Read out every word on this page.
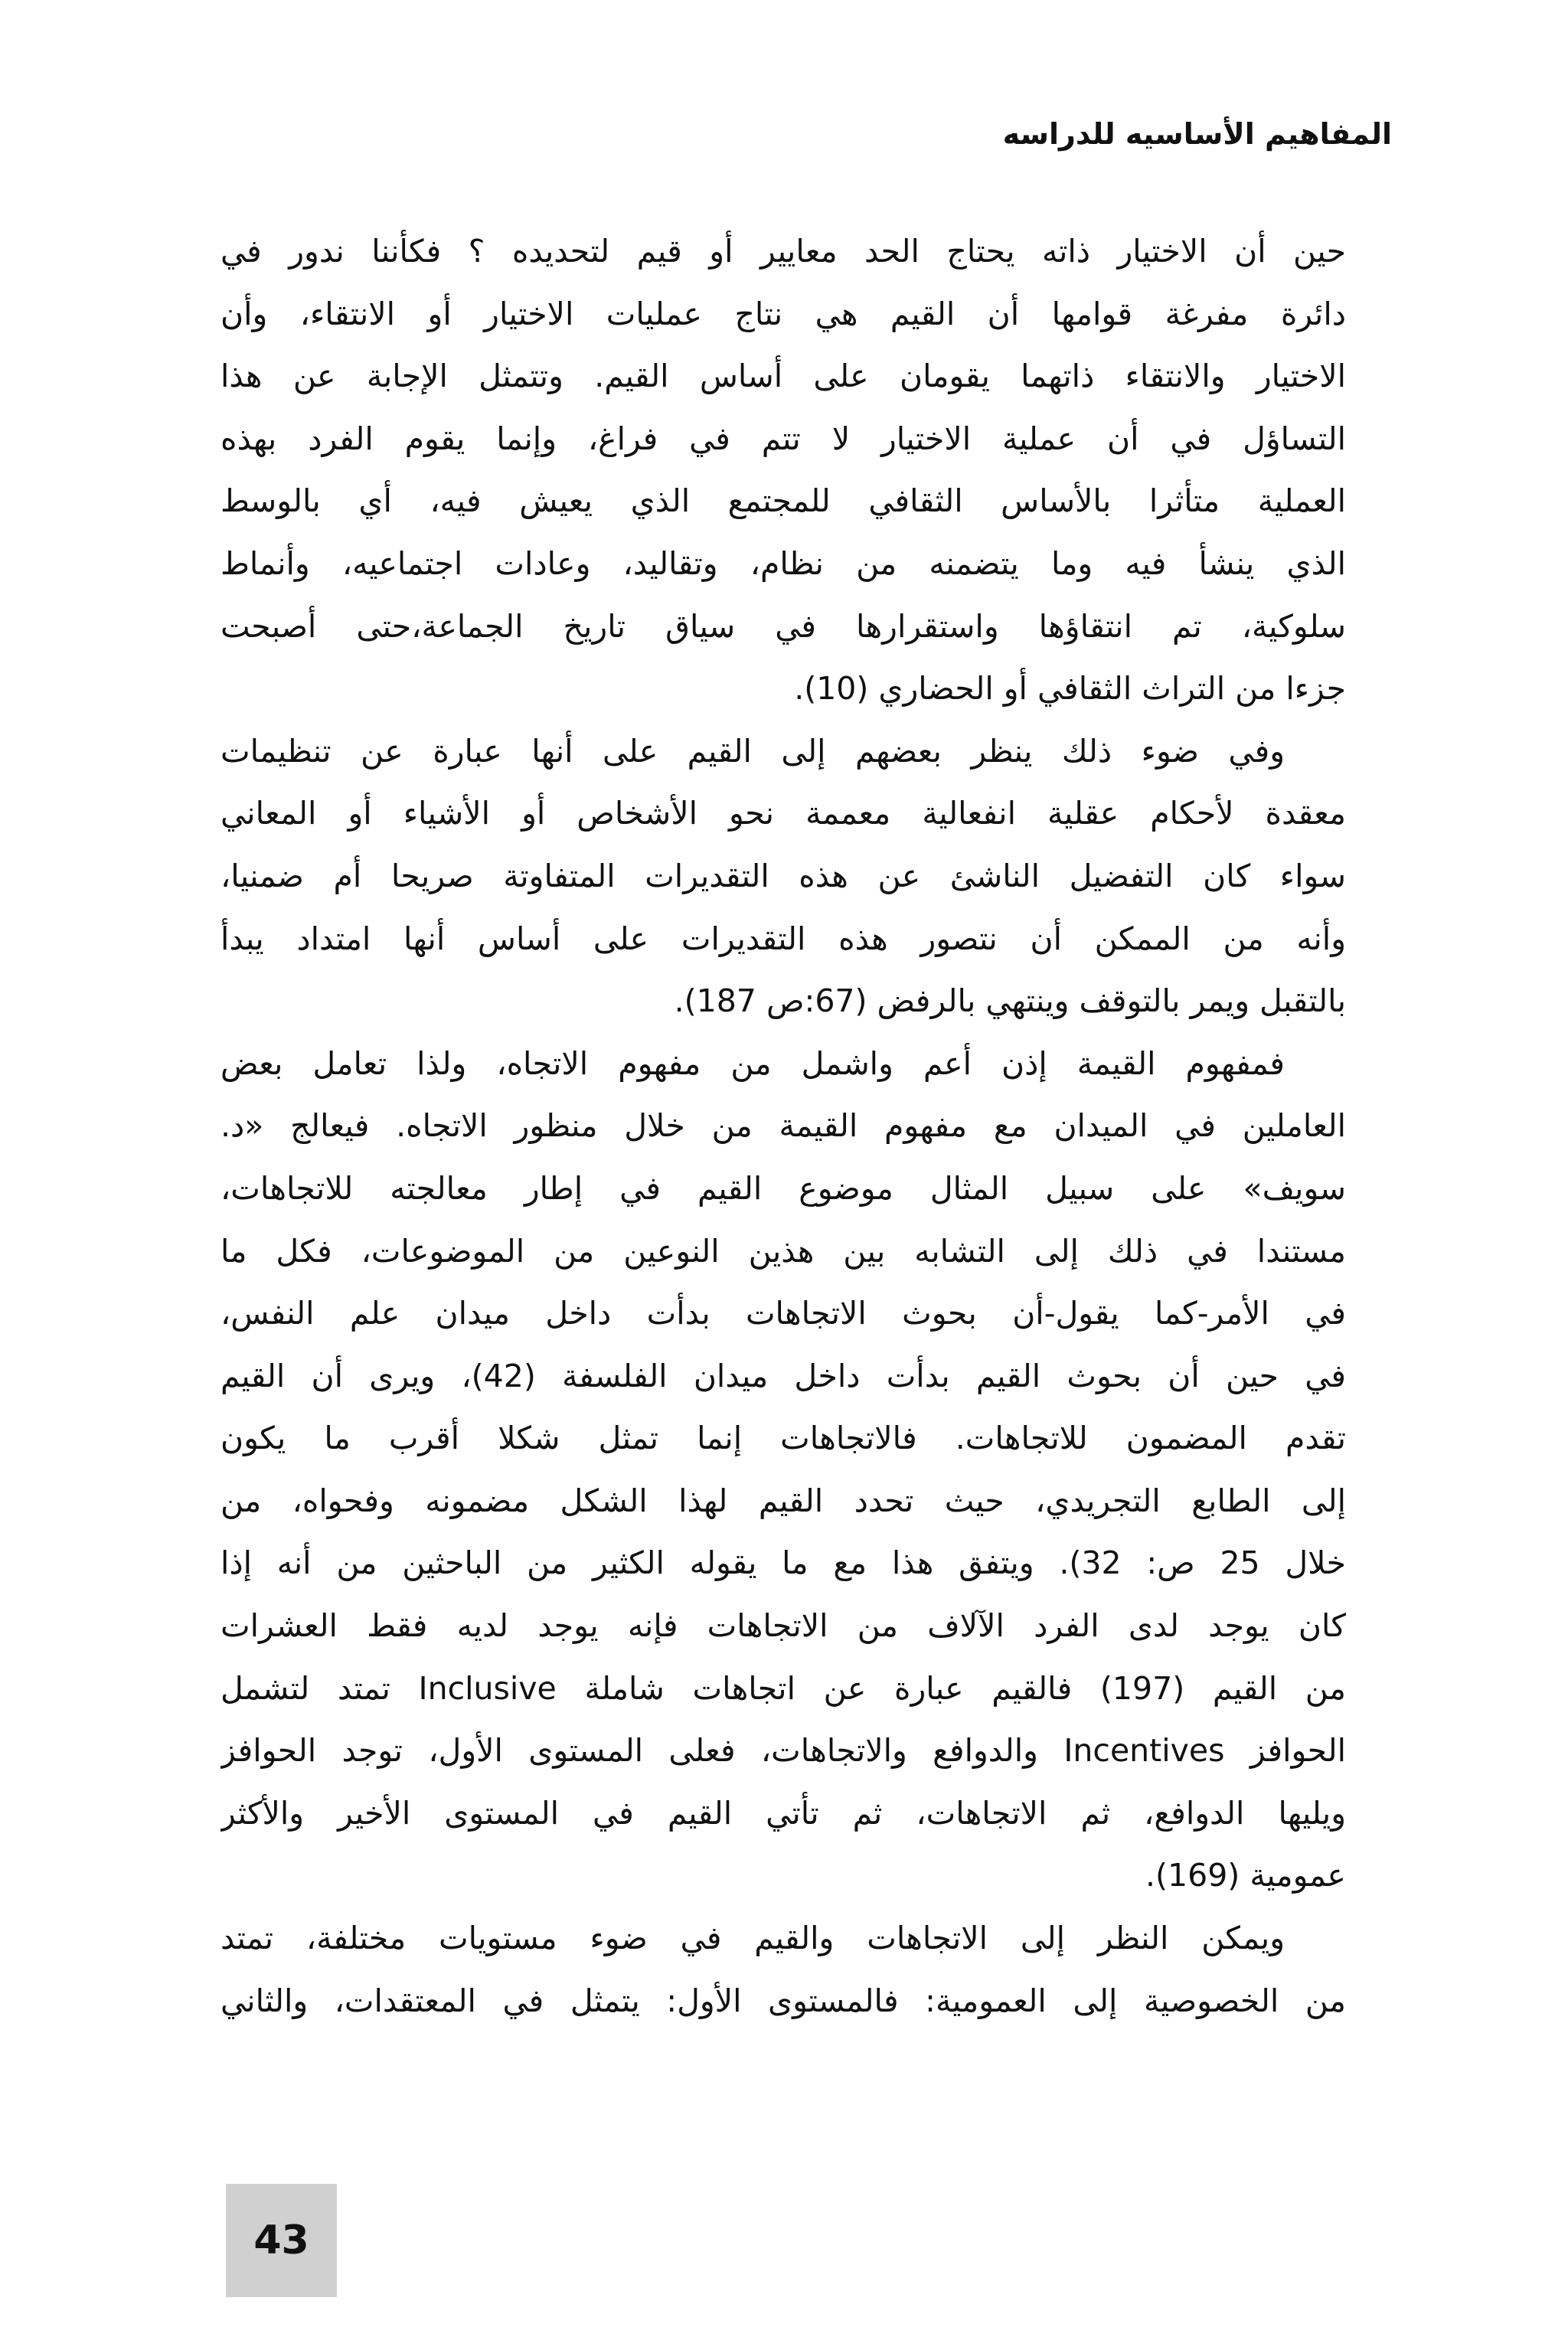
المفاهيم الأساسيه للدراسه
حين أن الاختيار ذاته يحتاج الحد معايير أو قيم لتحديده ؟ فكأننا ندور في
دائرة مفرغة قوامها أن القيم هي نتاج عمليات الاختيار أو الانتقاء، وأن
الاختيار والانتقاء ذاتهما يقومان على أساس القيم. وتتمثل الإجابة عن هذا
التساؤل في أن عملية الاختيار لا تتم في فراغ، وإنما يقوم الفرد بهذه
العملية متأثرا بالأساس الثقافي للمجتمع الذي يعيش فيه، أي بالوسط
الذي ينشأ فيه وما يتضمنه من نظام، وتقاليد، وعادات اجتماعيه، وأنماط
سلوكية، تم انتقاؤها واستقرارها في سياق تاريخ الجماعة،حتى أصبحت
جزءا من التراث الثقافي أو الحضاري (10).
وفي ضوء ذلك ينظر بعضهم إلى القيم على أنها عبارة عن تنظيمات
معقدة لأحكام عقلية انفعالية معممة نحو الأشخاص أو الأشياء أو المعاني
سواء كان التفضيل الناشئ عن هذه التقديرات المتفاوتة صريحا أم ضمنيا،
وأنه من الممكن أن نتصور هذه التقديرات على أساس أنها امتداد يبدأ
بالتقبل ويمر بالتوقف وينتهي بالرفض (67:ص 187).
فمفهوم القيمة إذن أعم واشمل من مفهوم الاتجاه، ولذا تعامل بعض
العاملين في الميدان مع مفهوم القيمة من خلال منظور الاتجاه. فيعالج «د.
سويف» على سبيل المثال موضوع القيم في إطار معالجته للاتجاهات،
مستندا في ذلك إلى التشابه بين هذين النوعين من الموضوعات، فكل ما
في الأمر-كما يقول-أن بحوث الاتجاهات بدأت داخل ميدان علم النفس،
في حين أن بحوث القيم بدأت داخل ميدان الفلسفة (42)، ويرى أن القيم
تقدم المضمون للاتجاهات. فالاتجاهات إنما تمثل شكلا أقرب ما يكون
إلى الطابع التجريدي، حيث تحدد القيم لهذا الشكل مضمونه وفحواه، من
خلال 25 ص: 32). ويتفق هذا مع ما يقوله الكثير من الباحثين من أنه إذا
كان يوجد لدى الفرد الآلاف من الاتجاهات فإنه يوجد لديه فقط العشرات
من القيم (197) فالقيم عبارة عن اتجاهات شاملة Inclusive تمتد لتشمل
الحوافز Incentives والدوافع والاتجاهات، فعلى المستوى الأول، توجد الحوافز
ويليها الدوافع، ثم الاتجاهات، ثم تأتي القيم في المستوى الأخير والأكثر
عمومية (169).
ويمكن النظر إلى الاتجاهات والقيم في ضوء مستويات مختلفة، تمتد
من الخصوصية إلى العمومية: فالمستوى الأول: يتمثل في المعتقدات، والثاني
43
